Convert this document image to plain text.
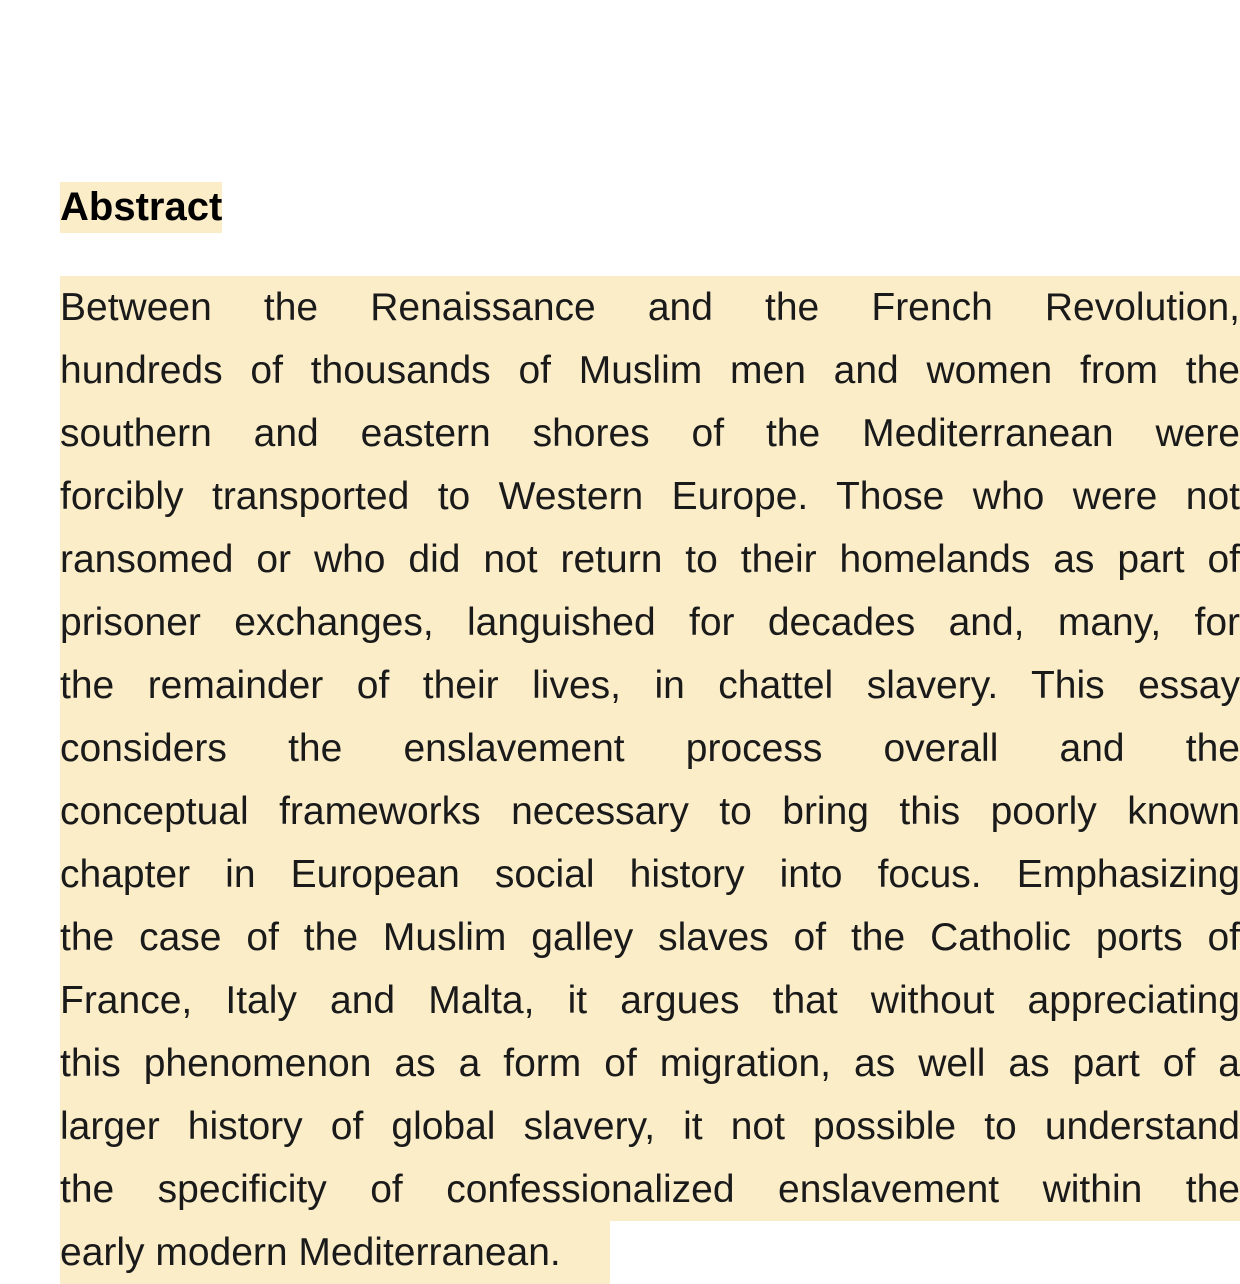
Abstract
Between the Renaissance and the French Revolution,
hundreds of thousands of Muslim men and women from the
southern and eastern shores of the Mediterranean were
forcibly transported to Western Europe. Those who were not
ransomed or who did not return to their homelands as part of
prisoner exchanges, languished for decades and, many, for
the remainder of their lives, in chattel slavery. This essay
considers the enslavement process overall and the
conceptual frameworks necessary to bring this poorly known
chapter in European social history into focus. Emphasizing
the case of the Muslim galley slaves of the Catholic ports of
France, Italy and Malta, it argues that without appreciating
this phenomenon as a form of migration, as well as part of a
larger history of global slavery, it not possible to understand
the specificity of confessionalized enslavement within the
early modern Mediterranean.
